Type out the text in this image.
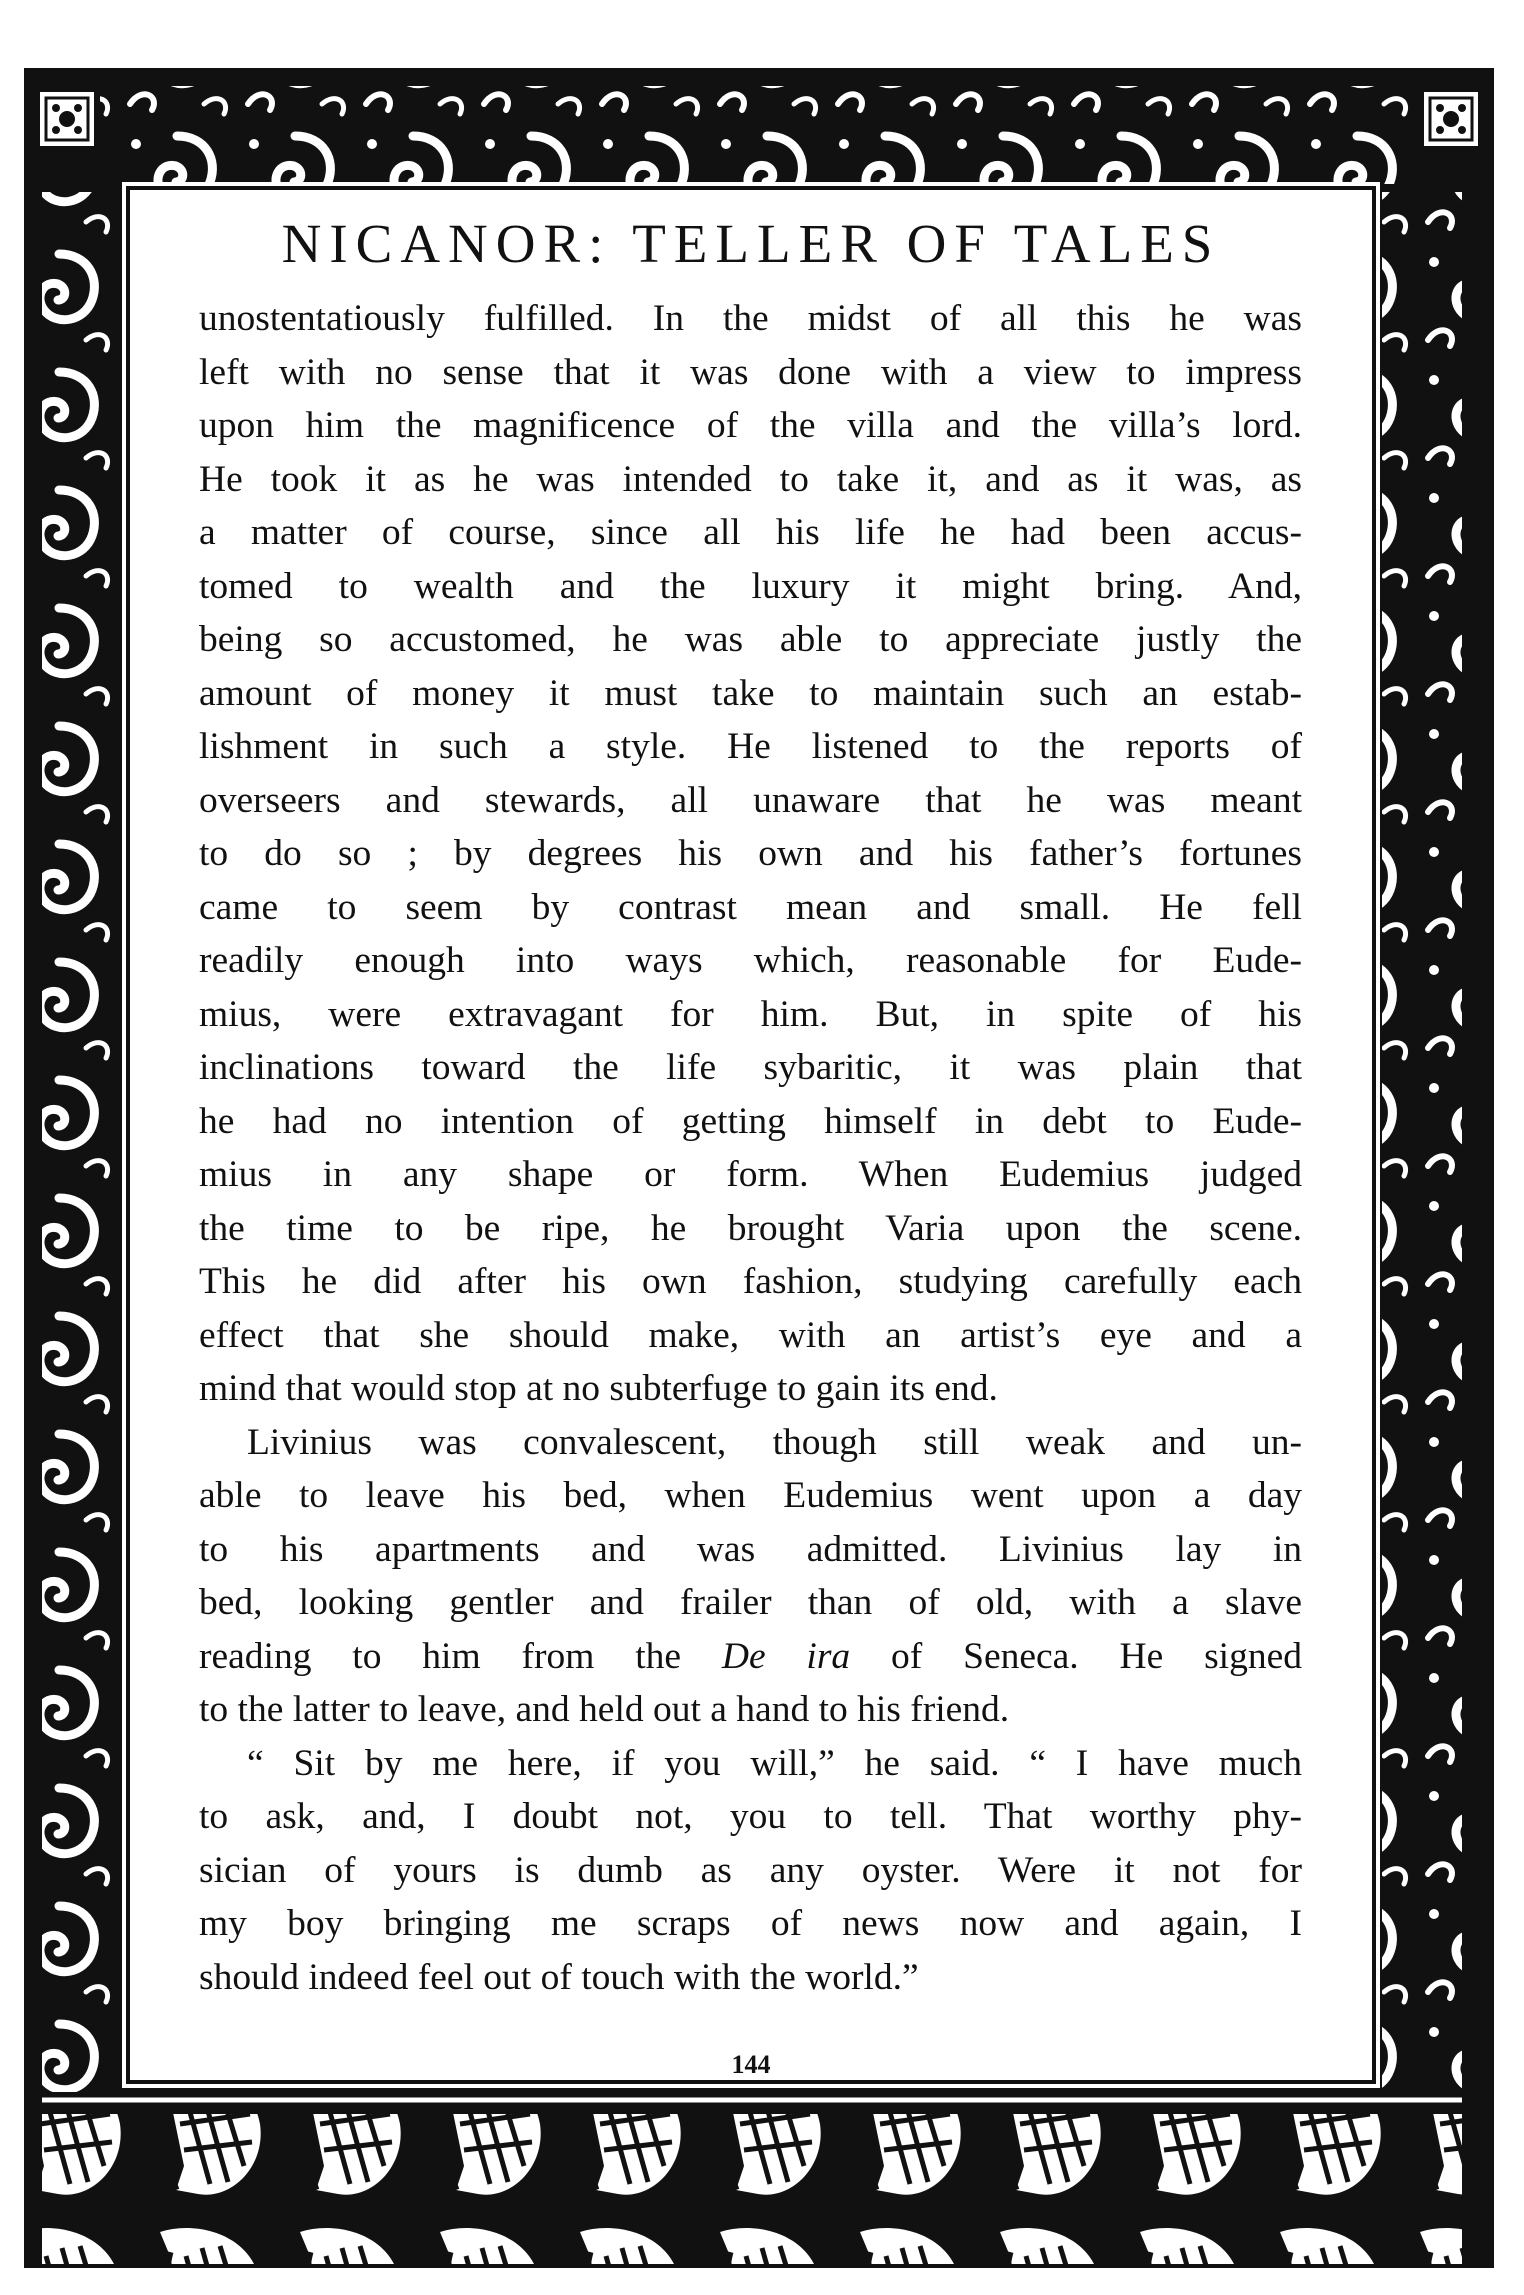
NICANOR: TELLER OF TALES
unostentatiously fulfilled. In the midst of all this he was
left with no sense that it was done with a view to impress
upon him the magnificence of the villa and the villa’s lord.
He took it as he was intended to take it, and as it was, as
a matter of course, since all his life he had been accus-
tomed to wealth and the luxury it might bring. And,
being so accustomed, he was able to appreciate justly the
amount of money it must take to maintain such an estab-
lishment in such a style. He listened to the reports of
overseers and stewards, all unaware that he was meant
to do so ; by degrees his own and his father’s fortunes
came to seem by contrast mean and small. He fell
readily enough into ways which, reasonable for Eude-
mius, were extravagant for him. But, in spite of his
inclinations toward the life sybaritic, it was plain that
he had no intention of getting himself in debt to Eude-
mius in any shape or form. When Eudemius judged
the time to be ripe, he brought Varia upon the scene.
This he did after his own fashion, studying carefully each
effect that she should make, with an artist’s eye and a
mind that would stop at no subterfuge to gain its end.
Livinius was convalescent, though still weak and un-
able to leave his bed, when Eudemius went upon a day
to his apartments and was admitted. Livinius lay in
bed, looking gentler and frailer than of old, with a slave
reading to him from the De ira of Seneca. He signed
to the latter to leave, and held out a hand to his friend.
“ Sit by me here, if you will,” he said. “ I have much
to ask, and, I doubt not, you to tell. That worthy phy-
sician of yours is dumb as any oyster. Were it not for
my boy bringing me scraps of news now and again, I
should indeed feel out of touch with the world.”
144
